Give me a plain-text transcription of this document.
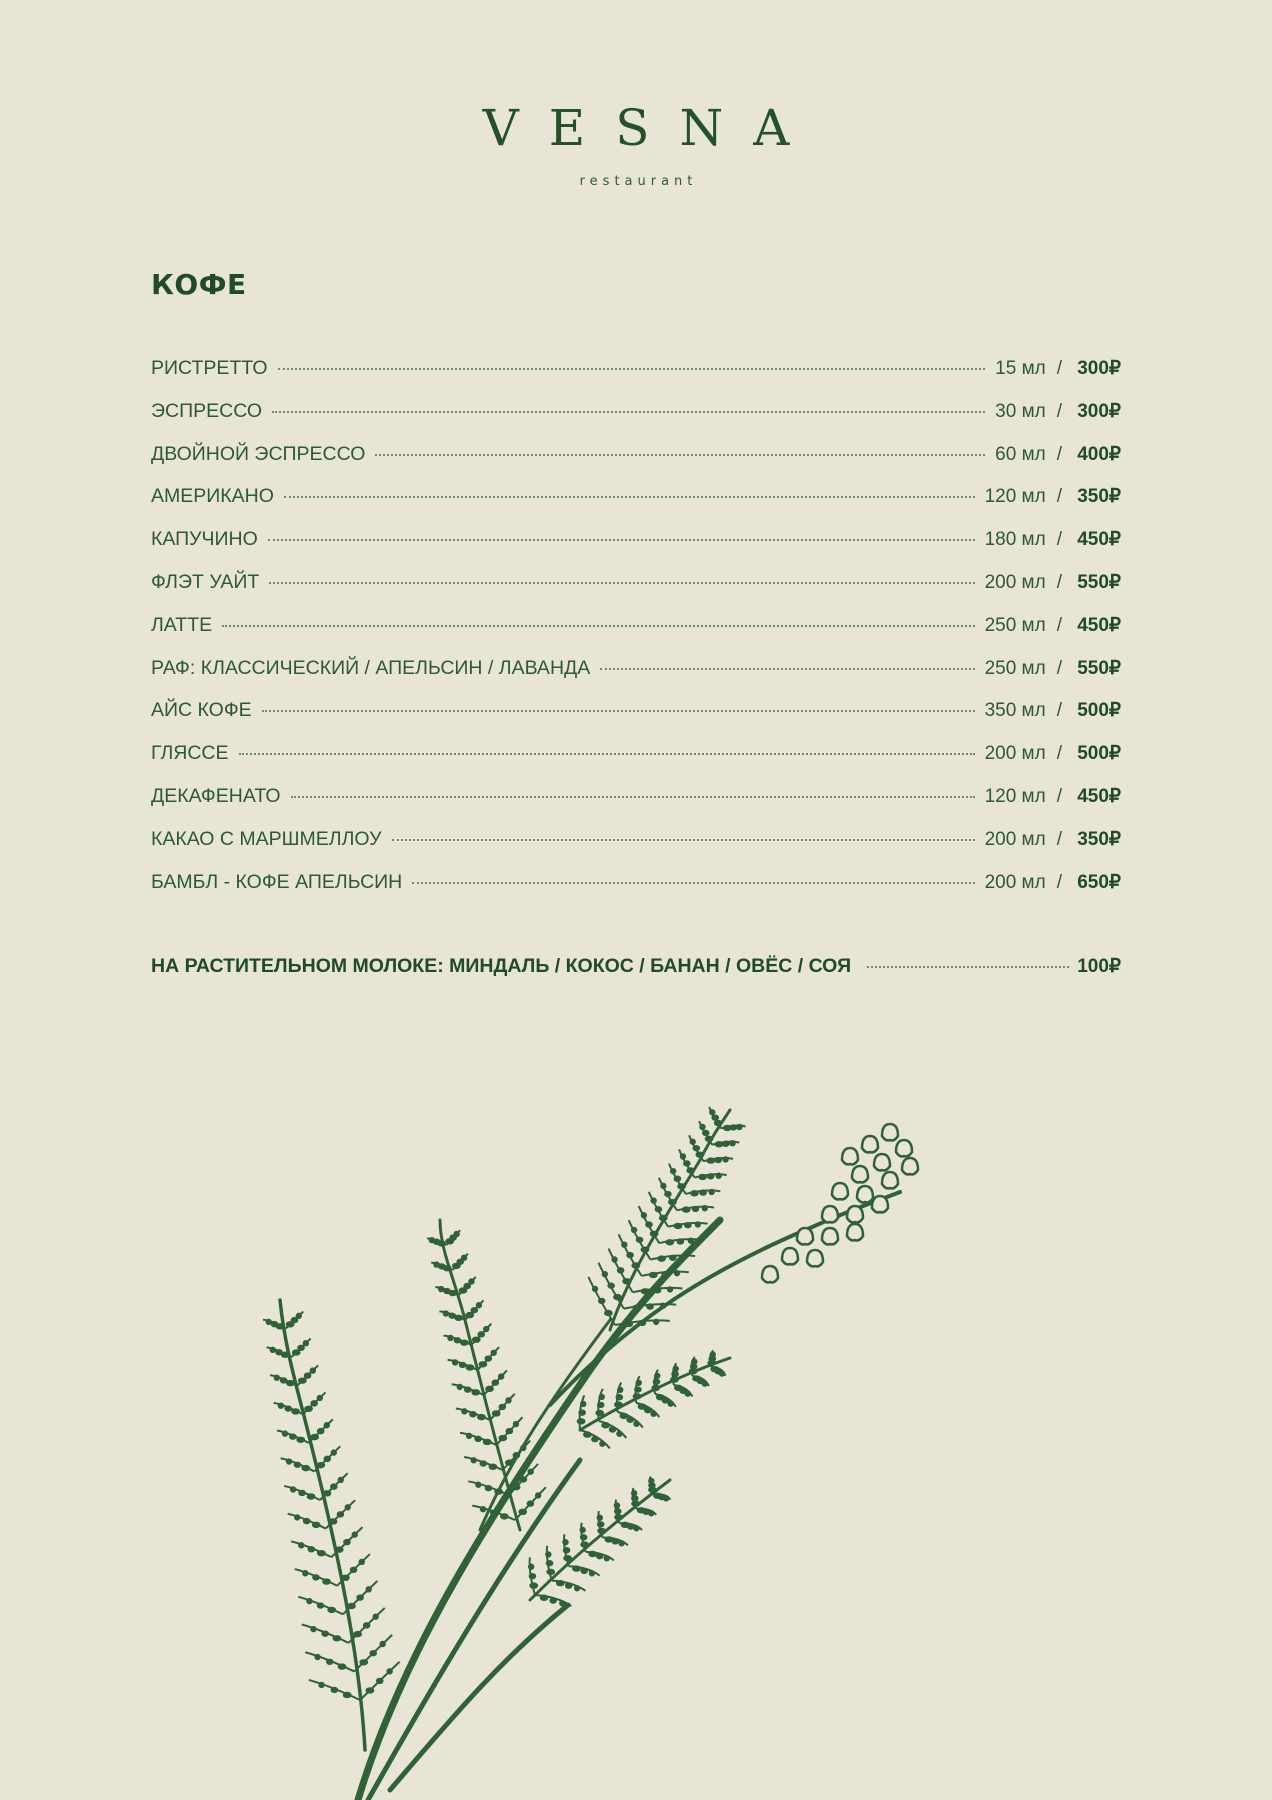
VESNA
restaurant
КОФЕ
РИСТРЕТТО	15 мл / 300₽
ЭСПРЕССО	30 мл / 300₽
ДВОЙНОЙ ЭСПРЕССО	60 мл / 400₽
АМЕРИКАНО	120 мл / 350₽
КАПУЧИНО	180 мл / 450₽
ФЛЭТ УАЙТ	200 мл / 550₽
ЛАТТЕ	250 мл / 450₽
РАФ: КЛАССИЧЕСКИЙ / АПЕЛЬСИН / ЛАВАНДА	250 мл / 550₽
АЙС КОФЕ	350 мл / 500₽
ГЛЯССЕ	200 мл / 500₽
ДЕКАФЕНАТО	120 мл / 450₽
КАКАО С МАРШМЕЛЛОУ	200 мл / 350₽
БАМБЛ - КОФЕ АПЕЛЬСИН	200 мл / 650₽
НА РАСТИТЕЛЬНОМ МОЛОКЕ: МИНДАЛЬ / КОКОС / БАНАН / ОВЁС / СОЯ	100₽
